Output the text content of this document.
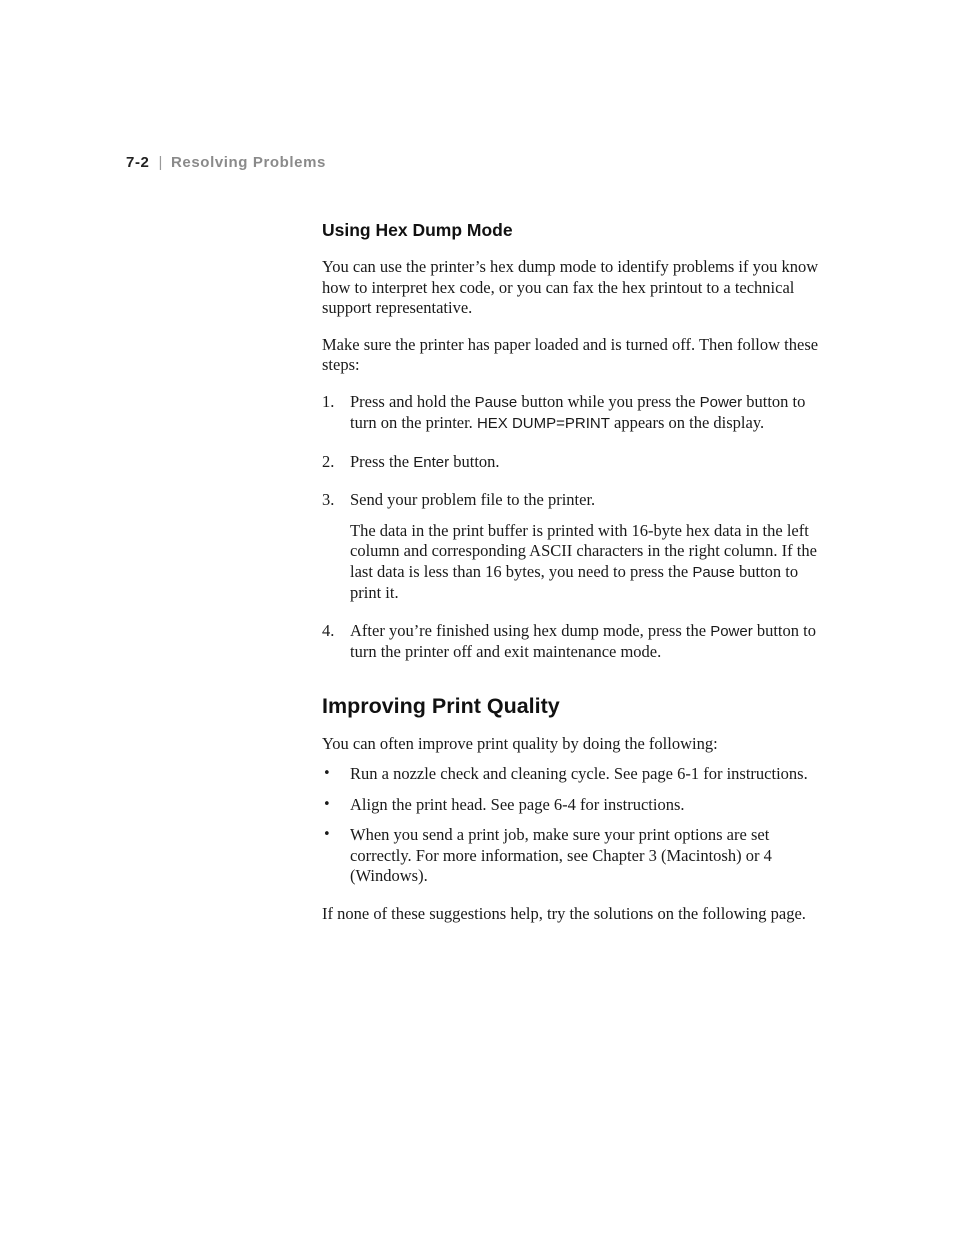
7-2 | Resolving Problems
Using Hex Dump Mode

You can use the printer’s hex dump mode to identify problems if you know how to interpret hex code, or you can fax the hex printout to a technical support representative.

Make sure the printer has paper loaded and is turned off. Then follow these steps:

1. Press and hold the Pause button while you press the Power button to turn on the printer. HEX DUMP=PRINT appears on the display.
2. Press the Enter button.
3. Send your problem file to the printer.

The data in the print buffer is printed with 16-byte hex data in the left column and corresponding ASCII characters in the right column. If the last data is less than 16 bytes, you need to press the Pause button to print it.

4. After you’re finished using hex dump mode, press the Power button to turn the printer off and exit maintenance mode.
Improving Print Quality

You can often improve print quality by doing the following:

• Run a nozzle check and cleaning cycle. See page 6-1 for instructions.
• Align the print head. See page 6-4 for instructions.
• When you send a print job, make sure your print options are set correctly. For more information, see Chapter 3 (Macintosh) or 4 (Windows).

If none of these suggestions help, try the solutions on the following page.
